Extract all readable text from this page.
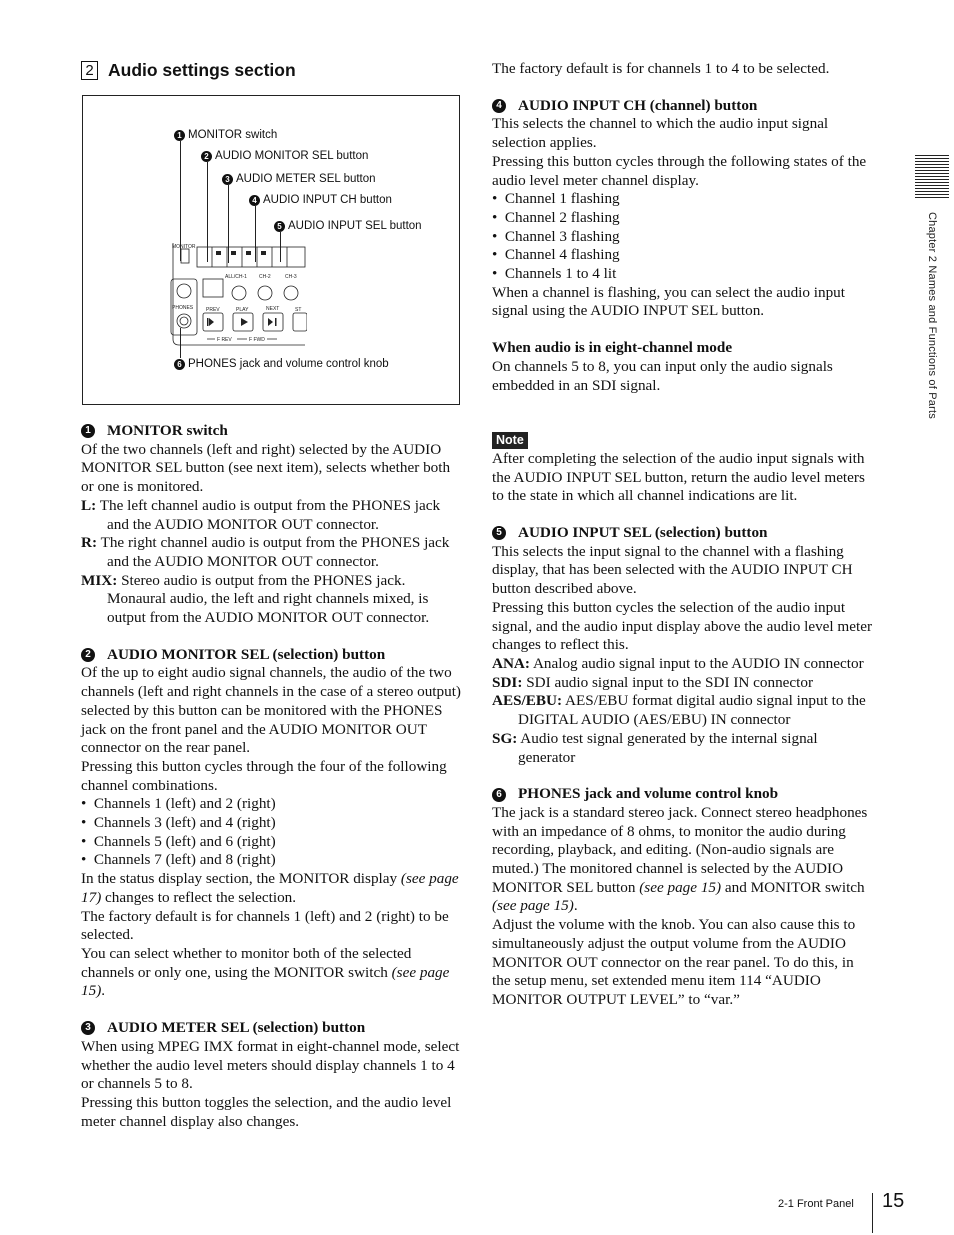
2 Audio settings section
1 MONITOR switch
2 AUDIO MONITOR SEL button
3 AUDIO METER SEL button
4 AUDIO INPUT CH button
5 AUDIO INPUT SEL button
6 PHONES jack and volume control knob
MONITOR
PHONES
ALL/CH-1 CH-2	CH-3
PREV	PLAY	NEXT	ST
F REV	F FWD

1 MONITOR switch

Of the two channels (left and right) selected by the AUDIO MONITOR SEL button (see next item), selects whether both or one is monitored.

L: The left channel audio is output from the PHONES jack and the AUDIO MONITOR OUT connector.

R: The right channel audio is output from the PHONES jack and the AUDIO MONITOR OUT connector.

MIX: Stereo audio is output from the PHONES jack. Monaural audio, the left and right channels mixed, is output from the AUDIO MONITOR OUT connector.

2 AUDIO MONITOR SEL (selection) button

Of the up to eight audio signal channels, the audio of the two channels (left and right channels in the case of a stereo output) selected by this button can be monitored with the PHONES jack on the front panel and the AUDIO MONITOR OUT connector on the rear panel.

Pressing this button cycles through the four of the following channel combinations.

•  Channels 1 (left) and 2 (right)

•  Channels 3 (left) and 4 (right)

•  Channels 5 (left) and 6 (right)

•  Channels 7 (left) and 8 (right)

In the status display section, the MONITOR display (see page 17) changes to reflect the selection.

The factory default is for channels 1 (left) and 2 (right) to be selected.

You can select whether to monitor both of the selected channels or only one, using the MONITOR switch (see page 15).

3 AUDIO METER SEL (selection) button

When using MPEG IMX format in eight-channel mode, select whether the audio level meters should display channels 1 to 4 or channels 5 to 8.

Pressing this button toggles the selection, and the audio level meter channel display also changes.

The factory default is for channels 1 to 4 to be selected.

4 AUDIO INPUT CH (channel) button

This selects the channel to which the audio input signal selection applies.

Pressing this button cycles through the following states of the audio level meter channel display.

•  Channel 1 flashing

•  Channel 2 flashing

•  Channel 3 flashing

•  Channel 4 flashing

•  Channels 1 to 4 lit

When a channel is flashing, you can select the audio input signal using the AUDIO INPUT SEL button.

When audio is in eight-channel mode

On channels 5 to 8, you can input only the audio signals embedded in an SDI signal.

Note

After completing the selection of the audio input signals with the AUDIO INPUT SEL button, return the audio level meters to the state in which all channel indications are lit.

5 AUDIO INPUT SEL (selection) button

This selects the input signal to the channel with a flashing display, that has been selected with the AUDIO INPUT CH button described above.

Pressing this button cycles the selection of the audio input signal, and the audio input display above the audio level meter changes to reflect this.

ANA: Analog audio signal input to the AUDIO IN connector

SDI: SDI audio signal input to the SDI IN connector

AES/EBU: AES/EBU format digital audio signal input to the DIGITAL AUDIO (AES/EBU) IN connector

SG: Audio test signal generated by the internal signal generator

6 PHONES jack and volume control knob

The jack is a standard stereo jack. Connect stereo headphones with an impedance of 8 ohms, to monitor the audio during recording, playback, and editing. (Non-audio signals are muted.) The monitored channel is selected by the AUDIO MONITOR SEL button (see page 15) and MONITOR switch (see page 15).

Adjust the volume with the knob. You can also cause this to simultaneously adjust the output volume from the AUDIO MONITOR OUT connector on the rear panel. To do this, in the setup menu, set extended menu item 114 “AUDIO MONITOR OUTPUT LEVEL” to “var.”

Chapter 2 Names and Functions of Parts
2-1 Front Panel 15
